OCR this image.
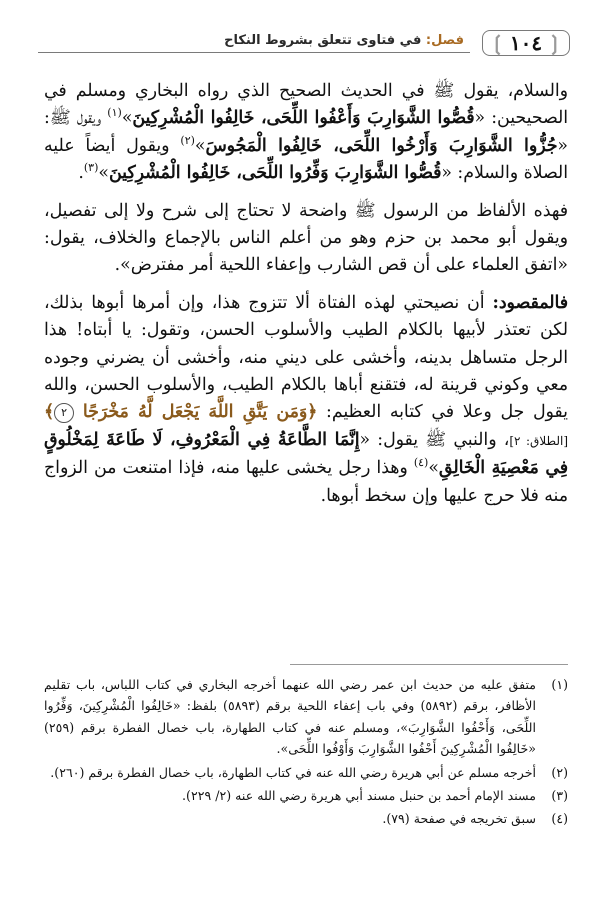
فصل: في فتاوى تتعلق بشروط النكاح	❲
١٠٤
❳

والسلام، يقول ﷺ في الحديث الصحيح الذي رواه البخاري ومسلم في الصحيحين: «قُصُّوا الشَّوَارِبَ وَأَعْفُوا اللِّحَى، خَالِفُوا الْمُشْرِكِينَ»$^{(١)}$ ويقول ﷺ: «جُزُّوا الشَّوَارِبَ وَأَرْخُوا اللِّحَى، خَالِفُوا الْمَجُوسَ»$^{(٢)}$ ويقول أيضاً عليه الصلاة والسلام: «قُصُّوا الشَّوَارِبَ وَفِّرُوا اللِّحَى، خَالِفُوا الْمُشْرِكِينَ»$^{(٣)}$.

فهذه الألفاظ من الرسول ﷺ واضحة لا تحتاج إلى شرح ولا إلى تفصيل، ويقول أبو محمد بن حزم وهو من أعلم الناس بالإجماع والخلاف، يقول: «اتفق العلماء على أن قص الشارب وإعفاء اللحية أمر مفترض».

فالمقصود: أن نصيحتي لهذه الفتاة ألا تتزوج هذا، وإن أمرها أبوها بذلك، لكن تعتذر لأبيها بالكلام الطيب والأسلوب الحسن، وتقول: يا أبتاه! هذا الرجل متساهل بدينه، وأخشى على ديني منه، وأخشى أن يضرني وجوده معي وكوني قرينة له، فتقنع أباها بالكلام الطيب، والأسلوب الحسن، والله يقول جل وعلا في كتابه العظيم: ﴿وَمَن يَتَّقِ اللَّهَ يَجْعَل لَّهُ مَخْرَجًا ٢﴾ [الطلاق: ٢]، والنبي ﷺ يقول: «إِنَّمَا الطَّاعَةُ فِي الْمَعْرُوفِ، لَا طَاعَةَ لِمَخْلُوقٍ فِي مَعْصِيَةِ الْخَالِقِ»$^{(٤)}$ وهذا رجل يخشى عليها منه، فإذا امتنعت من الزواج منه فلا حرج عليها وإن سخط أبوها.

(١)
متفق عليه من حديث ابن عمر رضي الله عنهما أخرجه البخاري في كتاب اللباس، باب تقليم الأظافر، برقم (٥٨٩٢) وفي باب إعفاء اللحية برقم (٥٨٩٣) بلفظ: «خَالِفُوا الْمُشْرِكِينَ، وَفِّرُوا اللِّحَى، وَأَحْفُوا الشَّوَارِبَ»، ومسلم عنه في كتاب الطهارة، باب خصال الفطرة برقم (٢٥٩) «خَالِفُوا الْمُشْرِكِينَ أَحْفُوا الشَّوَارِبَ وَأَوْفُوا اللِّحَى».
(٢)
أخرجه مسلم عن أبي هريرة رضي الله عنه في كتاب الطهارة، باب خصال الفطرة برقم (٢٦٠).
(٣)
مسند الإمام أحمد بن حنبل مسند أبي هريرة رضي الله عنه (٢/ ٢٢٩).
(٤)
سبق تخريجه في صفحة (٧٩).
